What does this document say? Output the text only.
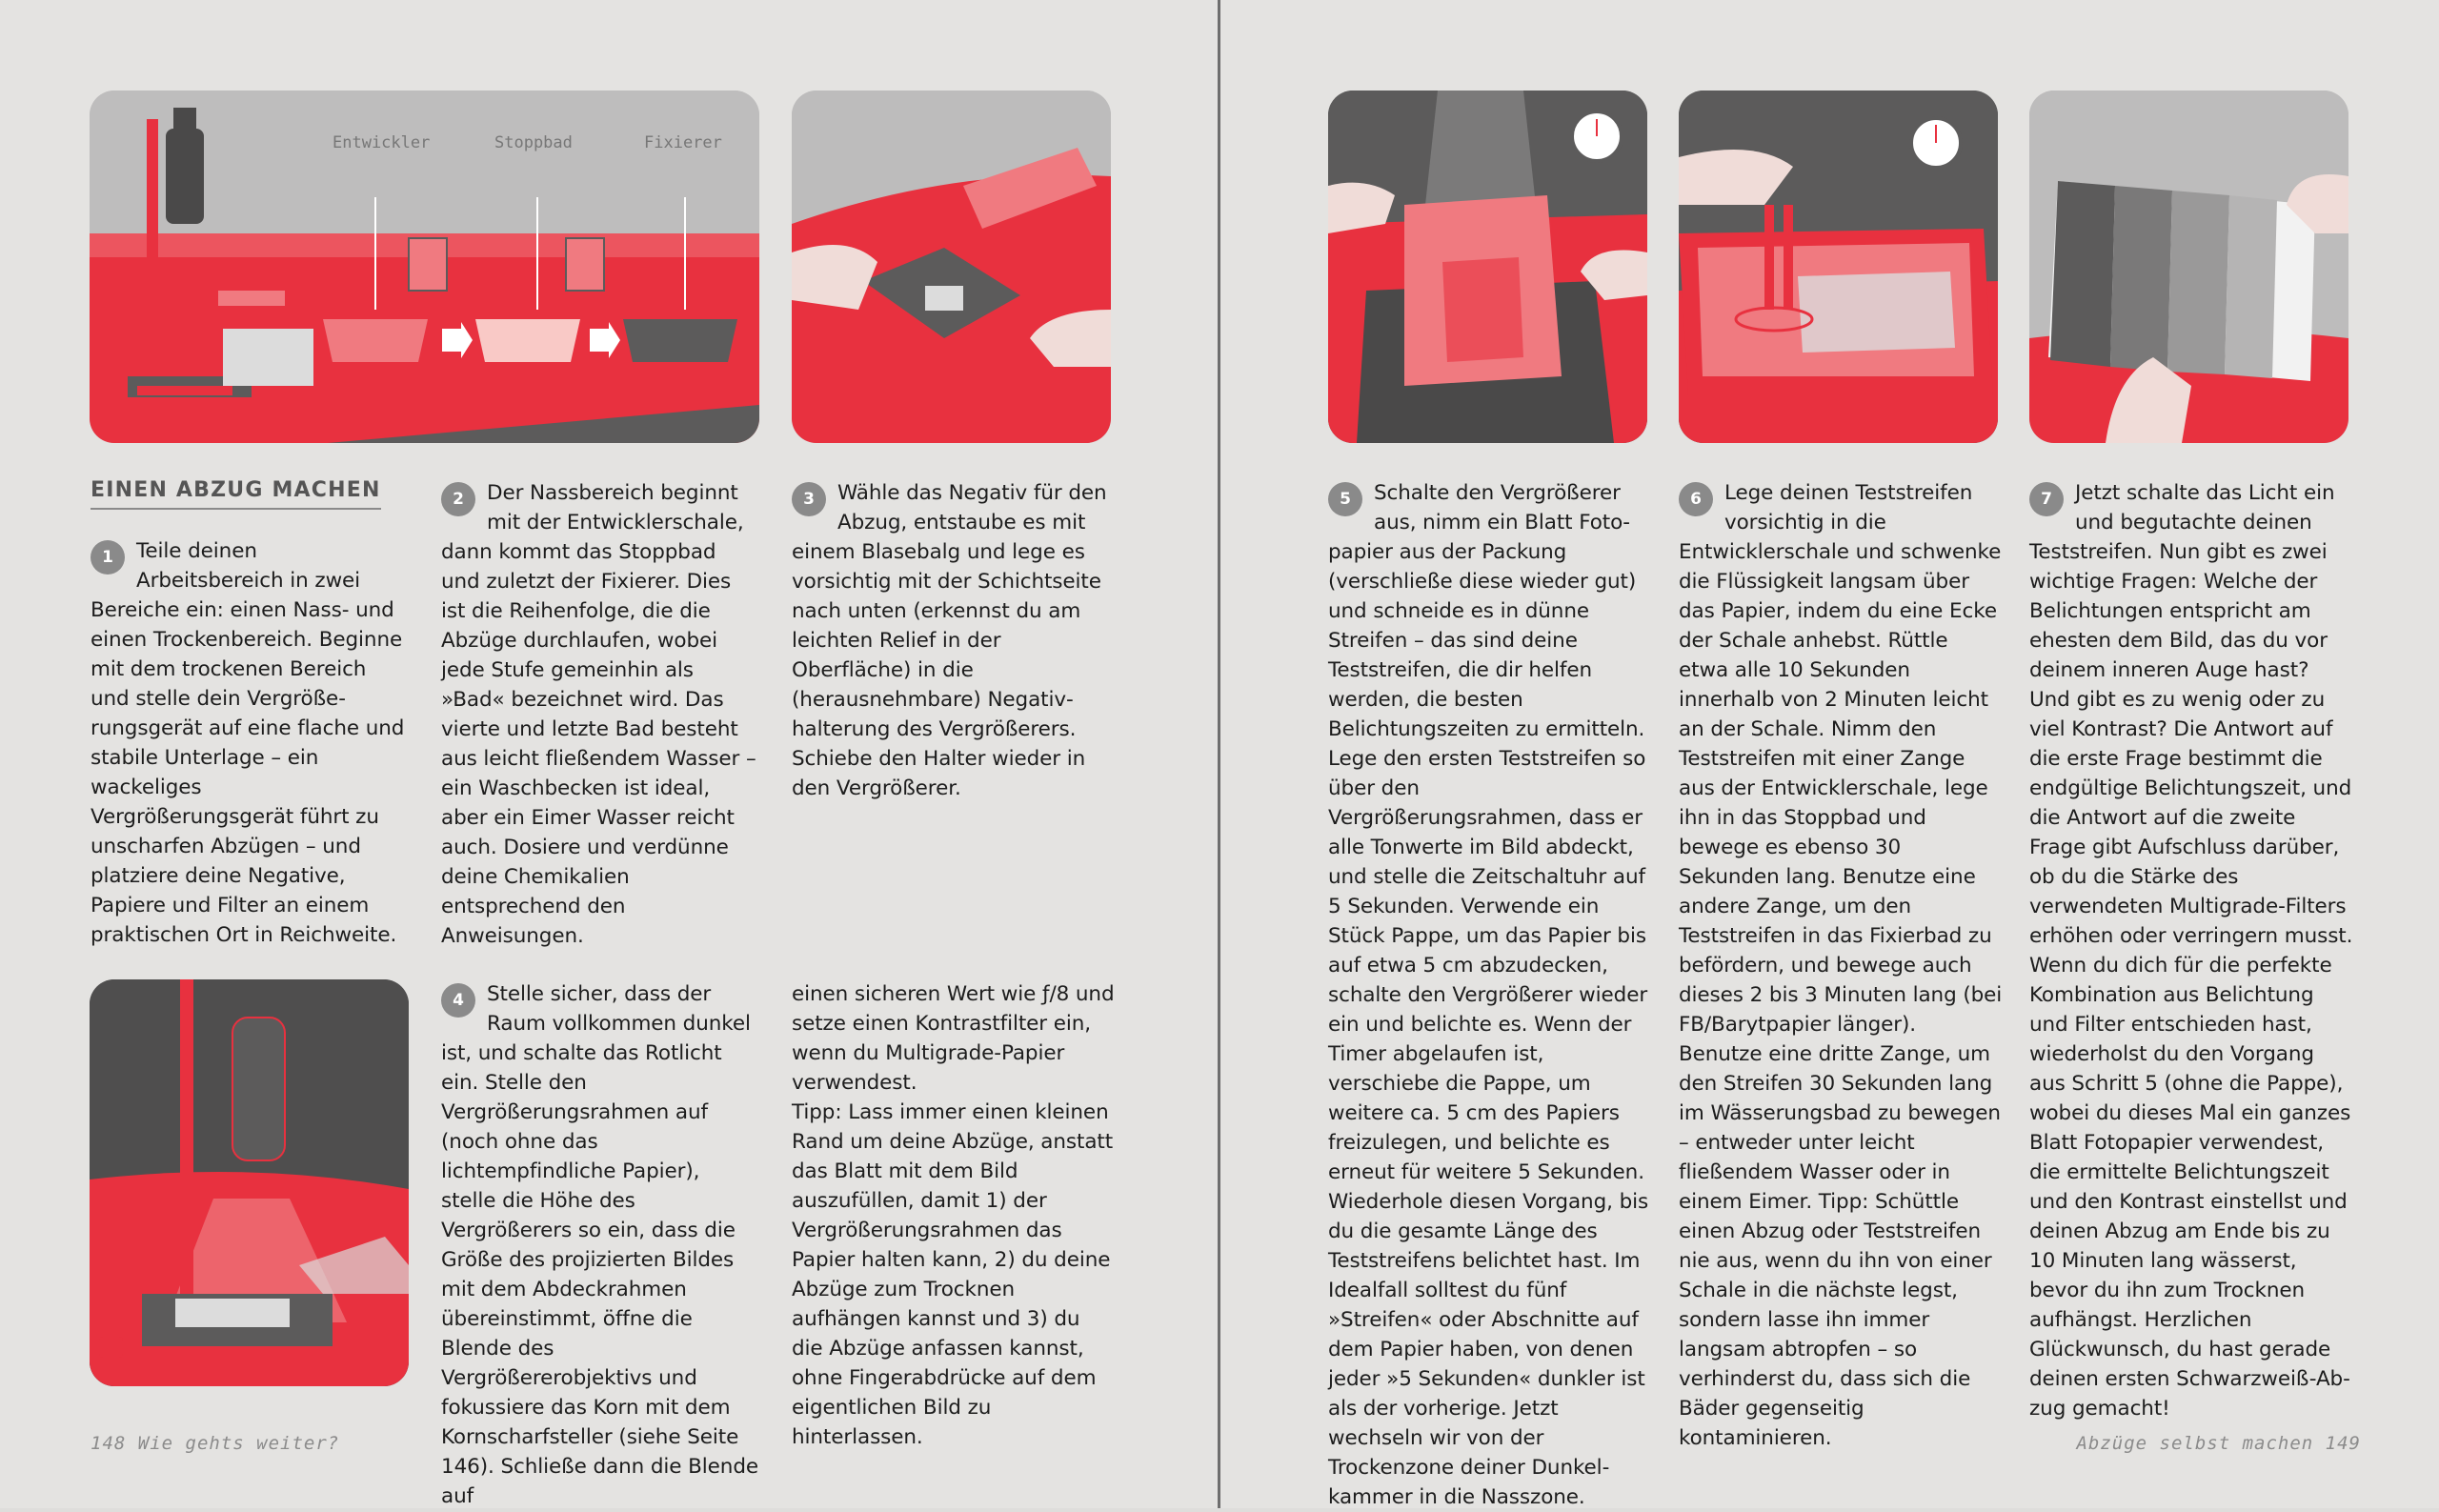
Entwickler	Stoppbad	Fixierer
EINEN ABZUG MACHEN
1	Teile deinen Arbeitsbereich in zwei Bereiche ein: einen Nass- und einen Trockenbereich. Beginne mit dem trockenen Bereich und stelle dein Vergrößerungsgerät auf eine flache und stabile Unterlage – ein wackeliges Vergrößerungsgerät führt zu unscharfen Abzügen – und platziere deine Negative, Papiere und Filter an einem praktischen Ort in Reichweite.

2	Der Nassbereich beginnt mit der Entwicklerschale, dann kommt das Stoppbad und zuletzt der Fixierer. Dies ist die Reihenfolge, die die Abzüge durchlaufen, wobei jede Stufe gemeinhin als »Bad« bezeichnet wird. Das vierte und letzte Bad besteht aus leicht fließendem Wasser – ein Waschbecken ist ideal, aber ein Eimer Wasser reicht auch. Dosiere und verdünne deine Chemikalien entsprechend den Anweisungen.

3	Wähle das Negativ für den Abzug, entstaube es mit einem Blasebalg und lege es vorsichtig mit der Schichtseite nach unten (erkennst du am leichten Relief in der Oberfläche) in die (herausnehmbare) Negativhalterung des Vergrößerers. Schiebe den Halter wieder in den Vergrößerer.

4	Stelle sicher, dass der Raum vollkommen dunkel ist, und schalte das Rotlicht ein. Stelle den Vergrößerungsrahmen auf (noch ohne das lichtempfindliche Papier), stelle die Höhe des Vergrößerers so ein, dass die Größe des projizierten Bildes mit dem Abdeckrahmen übereinstimmt, öffne die Blende des Vergrößererobjektivs und fokussiere das Korn mit dem Kornscharfsteller (siehe Seite 146). Schließe dann die Blende auf

einen sicheren Wert wie ƒ/8 und setze einen Kontrastfilter ein, wenn du Multigrade-Papier verwendest.

Tipp: Lass immer einen kleinen Rand um deine Abzüge, anstatt das Blatt mit dem Bild auszufüllen, damit 1) der Vergrößerungsrahmen das Papier halten kann, 2) du deine Abzüge zum Trocknen aufhängen kannst und 3) du die Abzüge anfassen kannst, ohne Fingerabdrücke auf dem eigentlichen Bild zu hinterlassen.

148 Wie gehts weiter?
5	Schalte den Vergrößerer aus, nimm ein Blatt Fotopapier aus der Packung (verschließe diese wieder gut) und schneide es in dünne Streifen – das sind deine Teststreifen, die dir helfen werden, die besten Belichtungszeiten zu ermitteln. Lege den ersten Teststreifen so über den Vergrößerungsrahmen, dass er alle Tonwerte im Bild abdeckt, und stelle die Zeitschaltuhr auf 5 Sekunden. Verwende ein Stück Pappe, um das Papier bis auf etwa 5 cm abzudecken, schalte den Vergrößerer wieder ein und belichte es. Wenn der Timer abgelaufen ist, verschiebe die Pappe, um weitere ca. 5 cm des Papiers freizulegen, und belichte es erneut für weitere 5 Sekunden. Wiederhole diesen Vorgang, bis du die gesamte Länge des Teststreifens belichtet hast. Im Idealfall solltest du fünf »Streifen« oder Abschnitte auf dem Papier haben, von denen jeder »5 Sekunden« dunkler ist als der vorherige. Jetzt wechseln wir von der Trockenzone deiner Dunkelkammer in die Nasszone.

6	Lege deinen Teststreifen vorsichtig in die Entwicklerschale und schwenke die Flüssigkeit langsam über das Papier, indem du eine Ecke der Schale anhebst. Rüttle etwa alle 10 Sekunden innerhalb von 2 Minuten leicht an der Schale. Nimm den Teststreifen mit einer Zange aus der Entwicklerschale, lege ihn in das Stoppbad und bewege es ebenso 30 Sekunden lang. Benutze eine andere Zange, um den Teststreifen in das Fixierbad zu befördern, und bewege auch dieses 2 bis 3 Minuten lang (bei FB/Barytpapier länger). Benutze eine dritte Zange, um den Streifen 30 Sekunden lang im Wässerungsbad zu bewegen – entweder unter leicht fließendem Wasser oder in einem Eimer. Tipp: Schüttle einen Abzug oder Teststreifen nie aus, wenn du ihn von einer Schale in die nächste legst, sondern lasse ihn immer langsam abtropfen – so verhinderst du, dass sich die Bäder gegenseitig kontaminieren.

7	Jetzt schalte das Licht ein und begutachte deinen Teststreifen. Nun gibt es zwei wichtige Fragen: Welche der Belichtungen entspricht am ehesten dem Bild, das du vor deinem inneren Auge hast? Und gibt es zu wenig oder zu viel Kontrast? Die Antwort auf die erste Frage bestimmt die endgültige Belichtungszeit, und die Antwort auf die zweite Frage gibt Aufschluss darüber, ob du die Stärke des verwendeten Multigrade-Filters erhöhen oder verringern musst. Wenn du dich für die perfekte Kombination aus Belichtung und Filter entschieden hast, wiederholst du den Vorgang aus Schritt 5 (ohne die Pappe), wobei du dieses Mal ein ganzes Blatt Fotopapier verwendest, die ermittelte Belichtungszeit und den Kontrast einstellst und deinen Abzug am Ende bis zu 10 Minuten lang wässerst, bevor du ihn zum Trocknen aufhängst. Herzlichen Glückwunsch, du hast gerade deinen ersten Schwarzweiß-Abzug gemacht!

Abzüge selbst machen 149
